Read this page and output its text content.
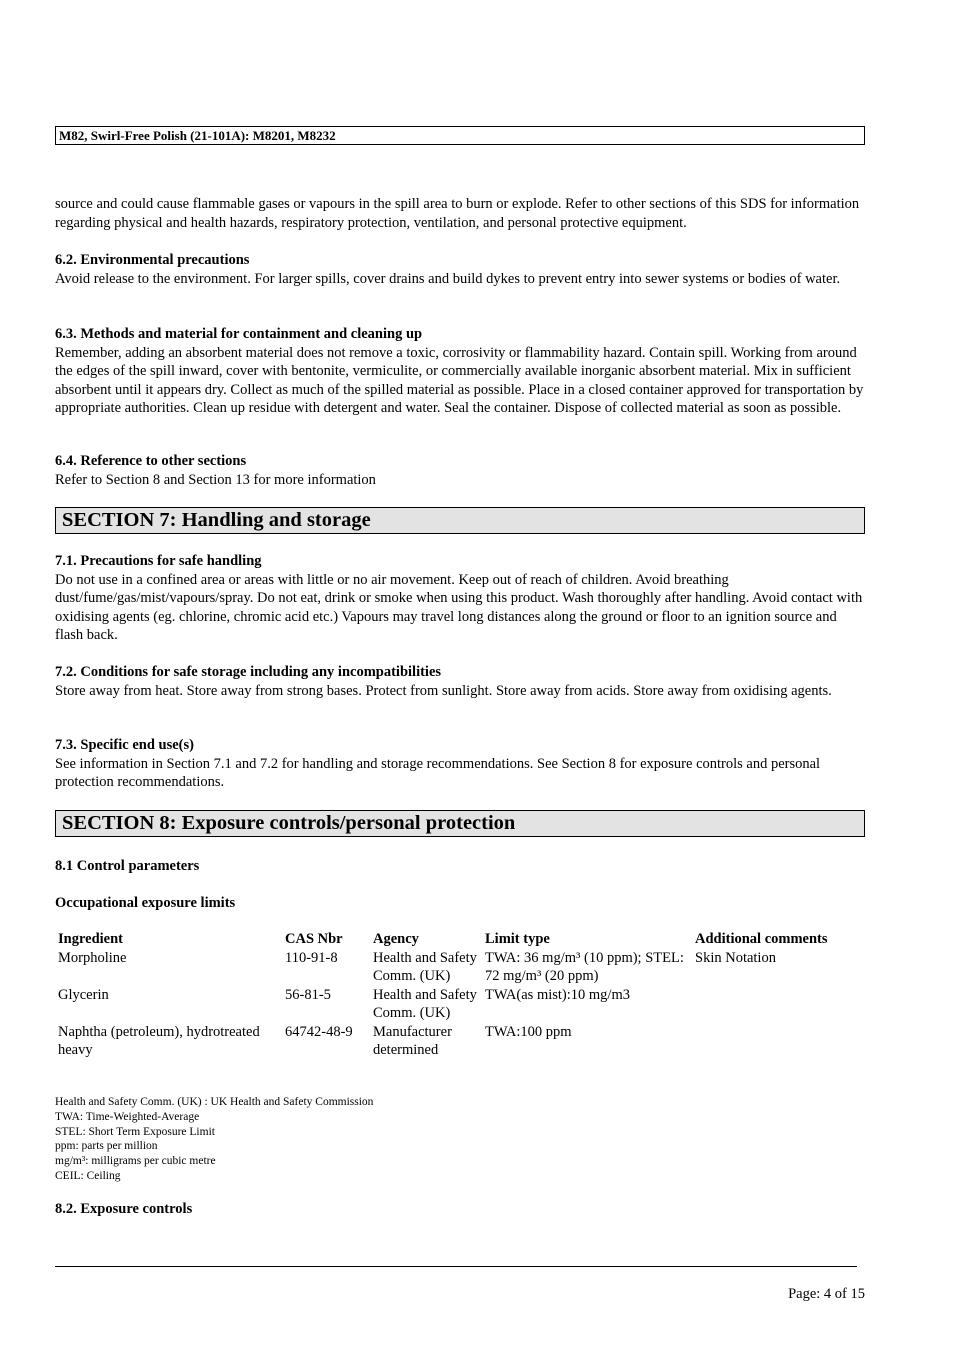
M82, Swirl-Free Polish (21-101A): M8201, M8232
source and could cause flammable gases or vapours in the spill area to burn or explode. Refer to other sections of this SDS for information regarding physical and health hazards, respiratory protection, ventilation, and personal protective equipment.
6.2. Environmental precautions
Avoid release to the environment. For larger spills, cover drains and build dykes to prevent entry into sewer systems or bodies of water.
6.3. Methods and material for containment and cleaning up
Remember, adding an absorbent material does not remove a toxic, corrosivity or flammability hazard. Contain spill. Working from around the edges of the spill inward, cover with bentonite, vermiculite, or commercially available inorganic absorbent material. Mix in sufficient absorbent until it appears dry. Collect as much of the spilled material as possible. Place in a closed container approved for transportation by appropriate authorities. Clean up residue with detergent and water. Seal the container. Dispose of collected material as soon as possible.
6.4. Reference to other sections
Refer to Section 8 and Section 13 for more information
SECTION 7: Handling and storage
7.1. Precautions for safe handling
Do not use in a confined area or areas with little or no air movement. Keep out of reach of children. Avoid breathing dust/fume/gas/mist/vapours/spray. Do not eat, drink or smoke when using this product. Wash thoroughly after handling. Avoid contact with oxidising agents (eg. chlorine, chromic acid etc.) Vapours may travel long distances along the ground or floor to an ignition source and flash back.
7.2. Conditions for safe storage including any incompatibilities
Store away from heat. Store away from strong bases. Protect from sunlight. Store away from acids. Store away from oxidising agents.
7.3. Specific end use(s)
See information in Section 7.1 and 7.2 for handling and storage recommendations. See Section 8 for exposure controls and personal protection recommendations.
SECTION 8: Exposure controls/personal protection
8.1 Control parameters
Occupational exposure limits
Ingredient	CAS Nbr	Agency	Limit type	Additional comments
Morpholine	110-91-8	Health and Safety Comm. (UK)	TWA: 36 mg/m³ (10 ppm); STEL: 72 mg/m³ (20 ppm)	Skin Notation
Glycerin	56-81-5	Health and Safety Comm. (UK)	TWA(as mist):10 mg/m3	
Naphtha (petroleum), hydrotreated heavy	64742-48-9	Manufacturer determined	TWA:100 ppm	
Health and Safety Comm. (UK) : UK Health and Safety Commission
TWA: Time-Weighted-Average
STEL: Short Term Exposure Limit
ppm: parts per million
mg/m³: milligrams per cubic metre
CEIL: Ceiling
8.2. Exposure controls
Page: 4 of 15
